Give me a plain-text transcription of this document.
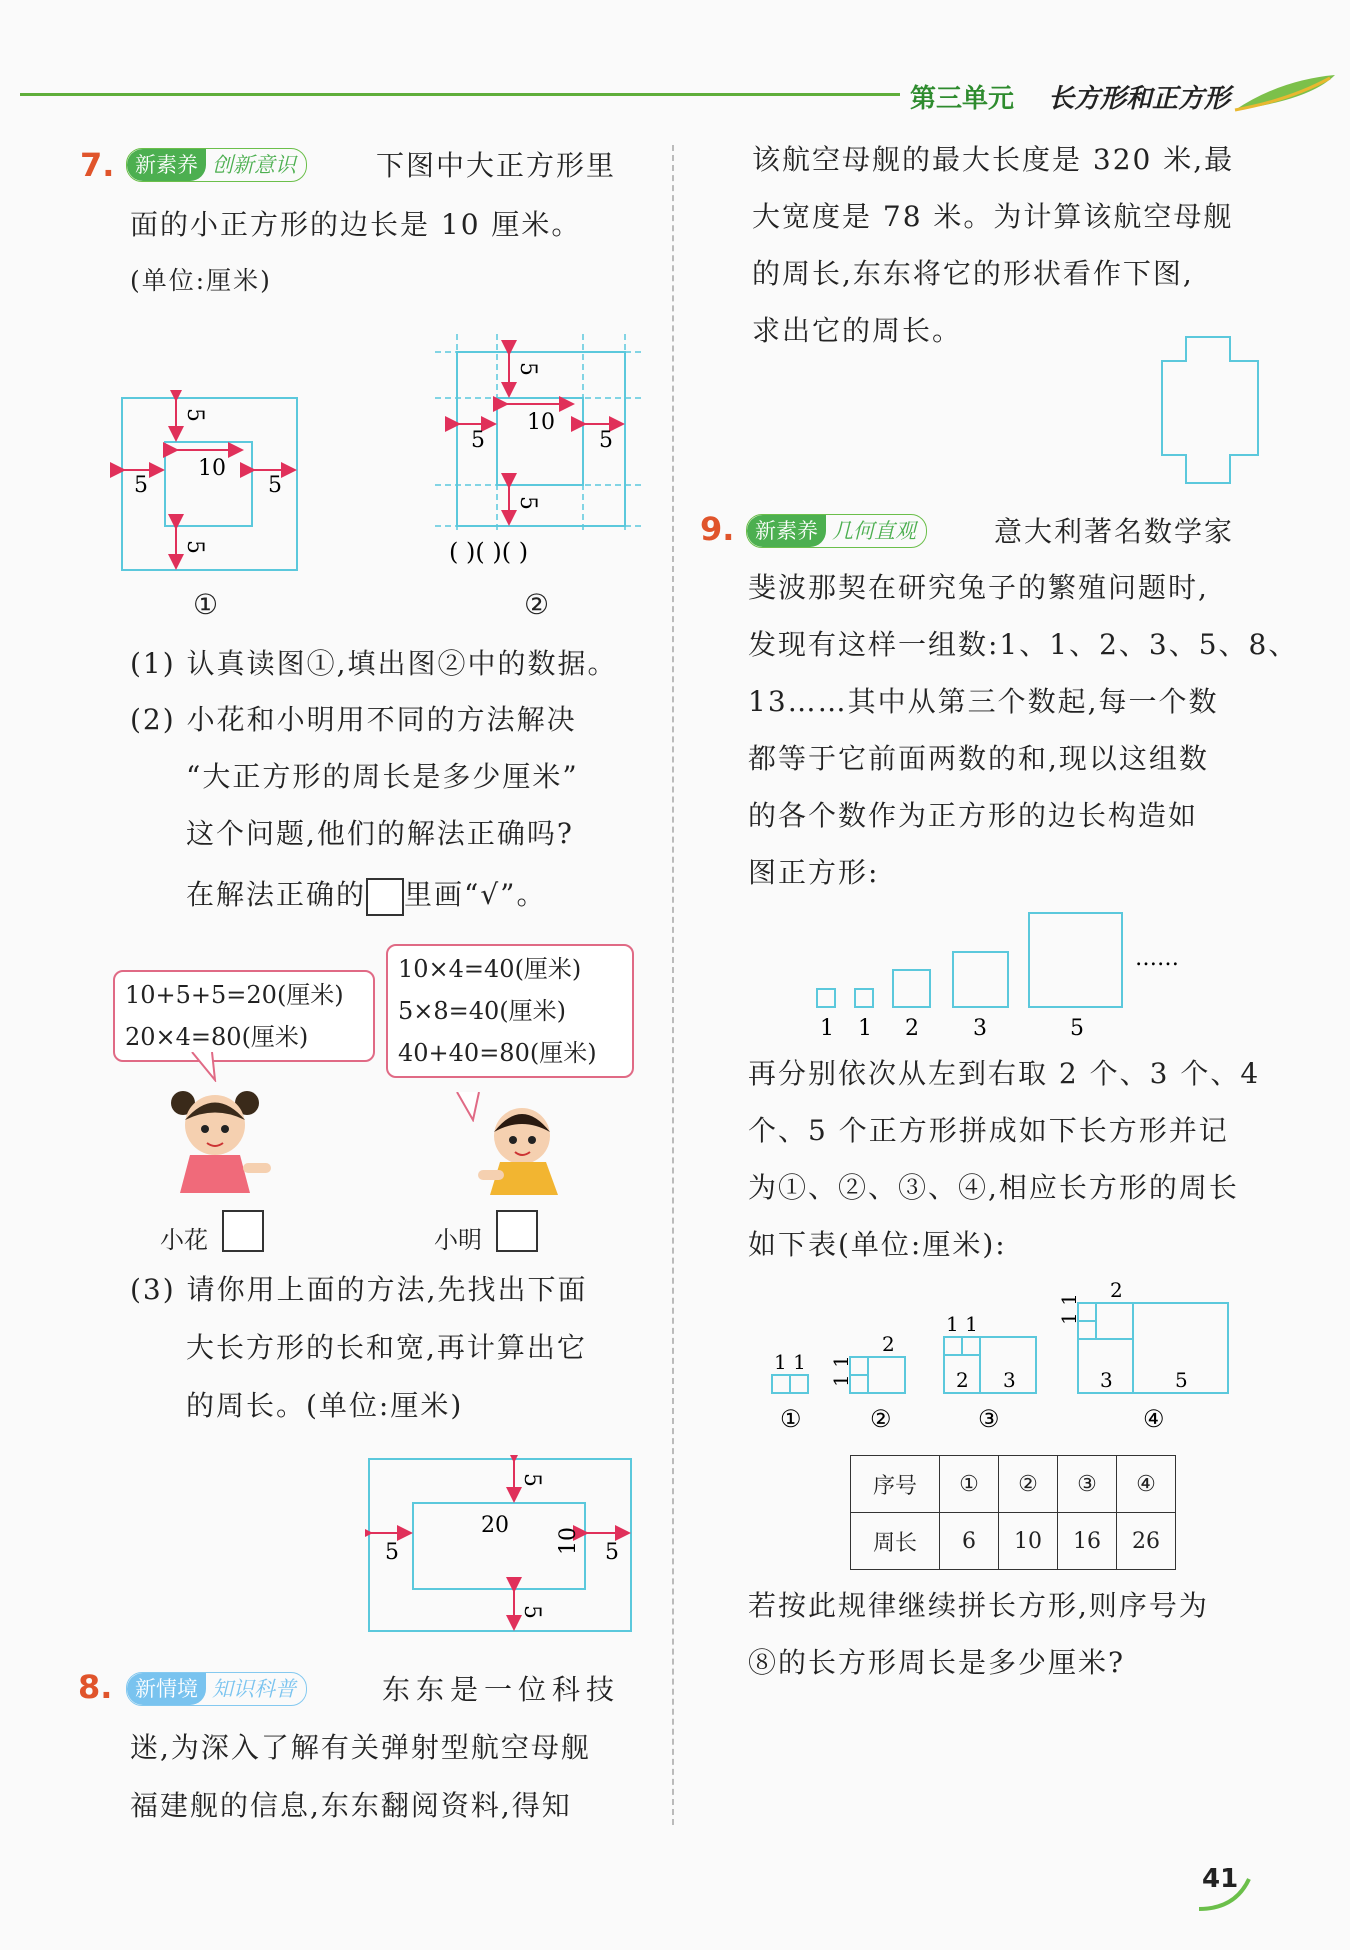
第三单元 长方形和正方形
7. 新素养 创新意识	下图中大正方形里
面的小正方形的边长是 10 厘米。
(单位:厘米)
10
5	5
5
5
①
10
5	5
5
5
( )( )( )
②
(1) 认真读图①,填出图②中的数据。
(2) 小花和小明用不同的方法解决
“大正方形的周长是多少厘米”
这个问题,他们的解法正确吗?
在解法正确的 里画“√”。
10+5+5=20(厘米)
20×4=80(厘米)
10×4=40(厘米)
5×8=40(厘米)
40+40=80(厘米)
小花	小明
(3) 请你用上面的方法,先找出下面
大长方形的长和宽,再计算出它
的周长。(单位:厘米)
20
5	5
10
5
5
8.	新情境 知识科普	东东是一位科技
迷,为深入了解有关弹射型航空母舰
福建舰的信息,东东翻阅资料,得知
该航空母舰的最大长度是 320 米,最
大宽度是 78 米。为计算该航空母舰
的周长,东东将它的形状看作下图,
求出它的周长。
9. 新素养 几何直观	意大利著名数学家
斐波那契在研究兔子的繁殖问题时,
发现有这样一组数:1、1、2、3、5、8、
13……其中从第三个数起,每一个数
都等于它前面两数的和,现以这组数
的各个数作为正方形的边长构造如
图正方形:
1 1 2 3	5
……
再分别依次从左到右取 2 个、3 个、4
个、5 个正方形拼成如下长方形并记
为①、②、③、④,相应长方形的周长
如下表(单位:厘米):
1 1 1 1
2
1 1
2 3
1 1
2
3	5
①	②	③	④
序号	①	②	③	④
周长	6	10	16	26
若按此规律继续拼长方形,则序号为
⑧的长方形周长是多少厘米?
41
